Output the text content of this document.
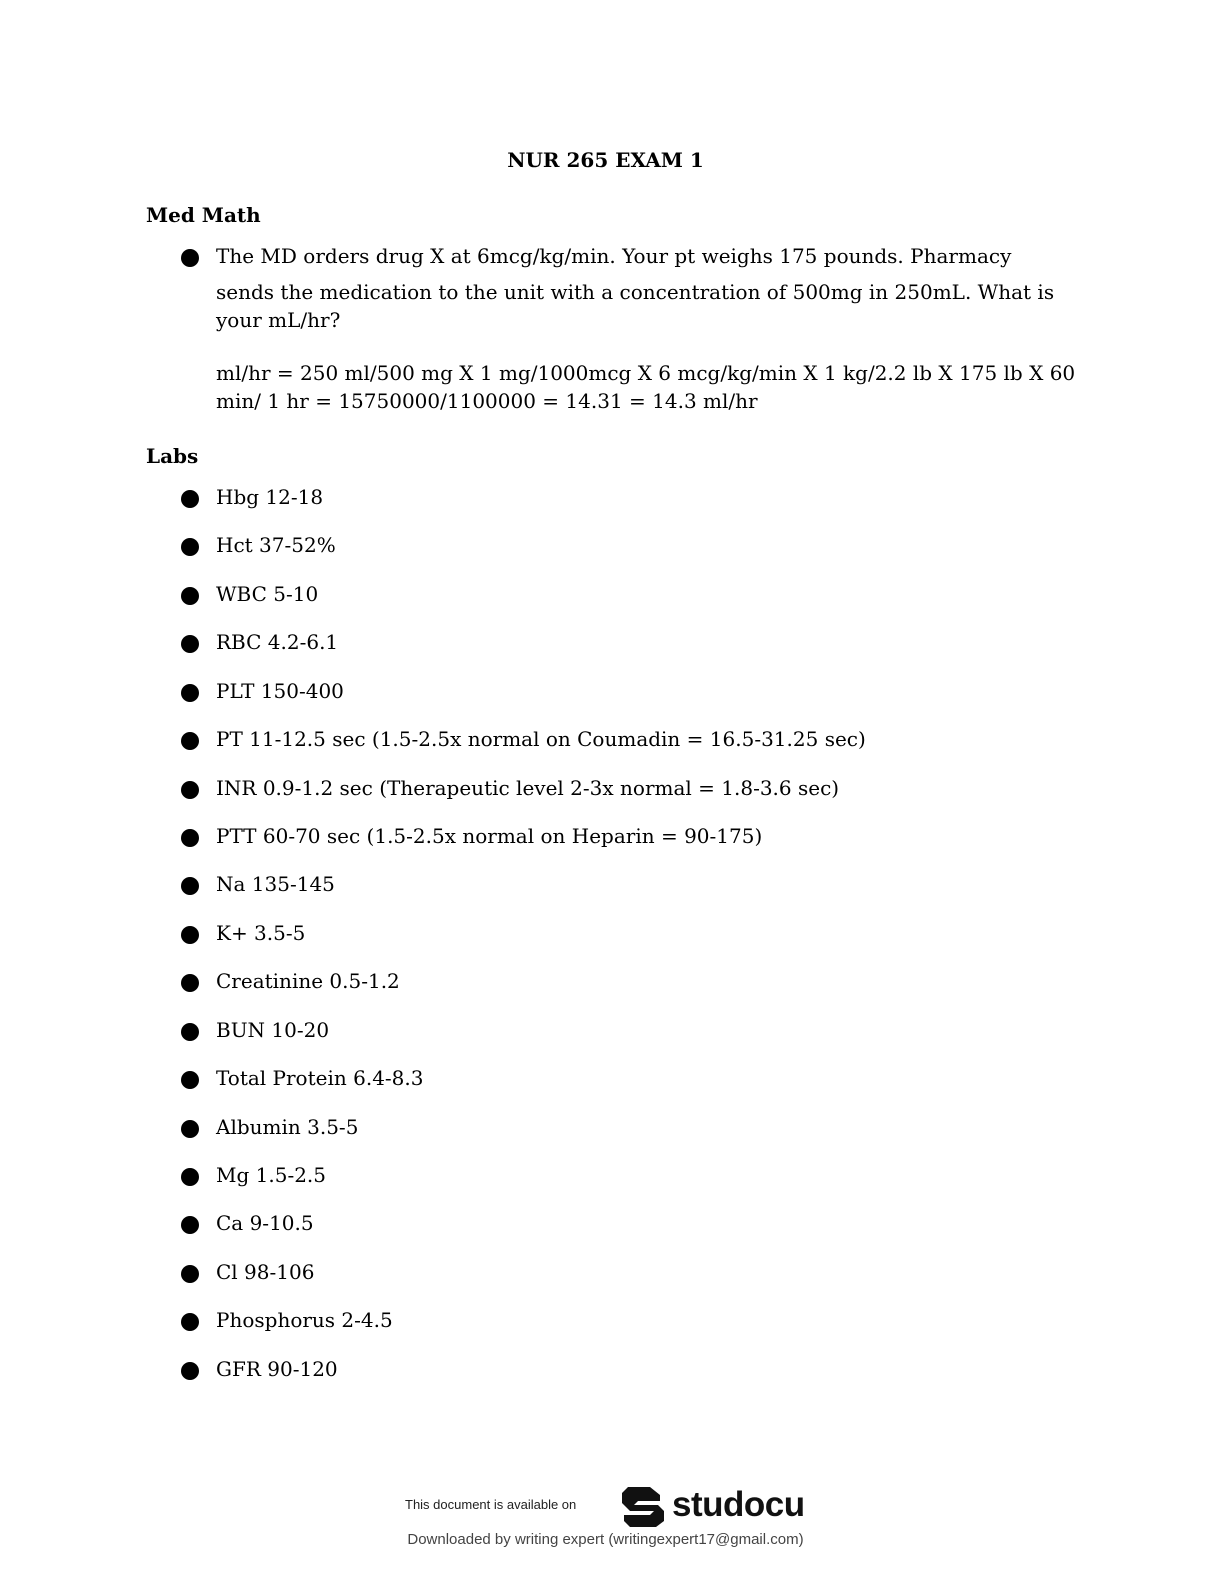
NUR 265 EXAM 1
Med Math
The MD orders drug X at 6mcg/kg/min. Your pt weighs 175 pounds. Pharmacy
sends the medication to the unit with a concentration of 500mg in 250mL. What is your mL/hr?
ml/hr = 250 ml/500 mg X 1 mg/1000mcg X 6 mcg/kg/min X 1 kg/2.2 lb X 175 lb X 60 min/ 1 hr = 15750000/1100000 = 14.31 = 14.3 ml/hr
Labs
Hbg 12-18
Hct 37-52%
WBC 5-10
RBC 4.2-6.1
PLT 150-400
PT 11-12.5 sec (1.5-2.5x normal on Coumadin = 16.5-31.25 sec)
INR 0.9-1.2 sec (Therapeutic level 2-3x normal = 1.8-3.6 sec)
PTT 60-70 sec (1.5-2.5x normal on Heparin = 90-175)
Na 135-145
K+ 3.5-5
Creatinine 0.5-1.2
BUN 10-20
Total Protein 6.4-8.3
Albumin 3.5-5
Mg 1.5-2.5
Ca 9-10.5
Cl 98-106
Phosphorus 2-4.5
GFR 90-120
This document is available on	studocu
Downloaded by writing expert (writingexpert17@gmail.com)
